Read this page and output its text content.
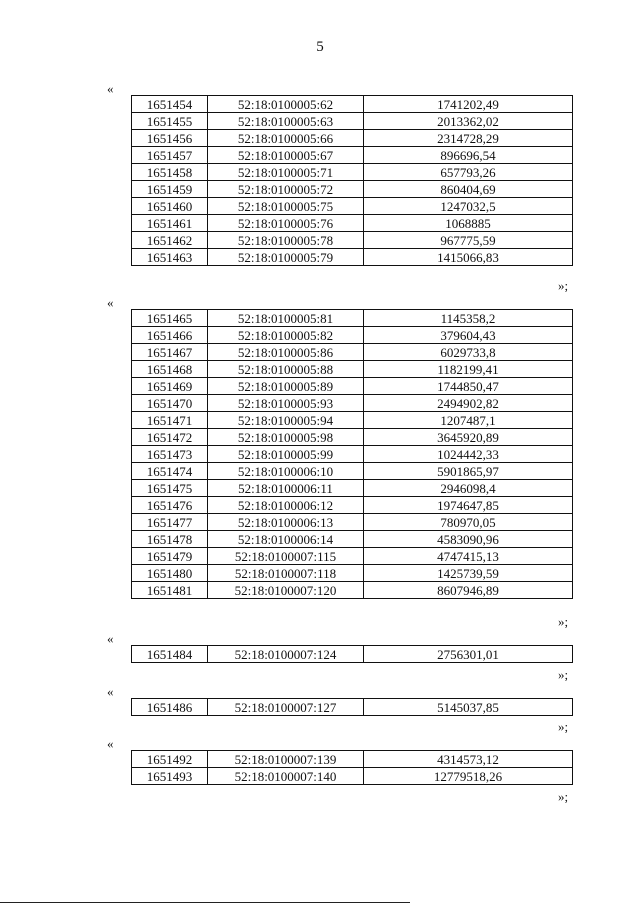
5
«
1651454	52:18:0100005:62	1741202,49
1651455	52:18:0100005:63	2013362,02
1651456	52:18:0100005:66	2314728,29
1651457	52:18:0100005:67	896696,54
1651458	52:18:0100005:71	657793,26
1651459	52:18:0100005:72	860404,69
1651460	52:18:0100005:75	1247032,5
1651461	52:18:0100005:76	1068885
1651462	52:18:0100005:78	967775,59
1651463	52:18:0100005:79	1415066,83
»;
«
1651465	52:18:0100005:81	1145358,2
1651466	52:18:0100005:82	379604,43
1651467	52:18:0100005:86	6029733,8
1651468	52:18:0100005:88	1182199,41
1651469	52:18:0100005:89	1744850,47
1651470	52:18:0100005:93	2494902,82
1651471	52:18:0100005:94	1207487,1
1651472	52:18:0100005:98	3645920,89
1651473	52:18:0100005:99	1024442,33
1651474	52:18:0100006:10	5901865,97
1651475	52:18:0100006:11	2946098,4
1651476	52:18:0100006:12	1974647,85
1651477	52:18:0100006:13	780970,05
1651478	52:18:0100006:14	4583090,96
1651479	52:18:0100007:115	4747415,13
1651480	52:18:0100007:118	1425739,59
1651481	52:18:0100007:120	8607946,89
»;
«
1651484	52:18:0100007:124	2756301,01
»;
«
1651486	52:18:0100007:127	5145037,85
»;
«
1651492	52:18:0100007:139	4314573,12
1651493	52:18:0100007:140	12779518,26
»;
